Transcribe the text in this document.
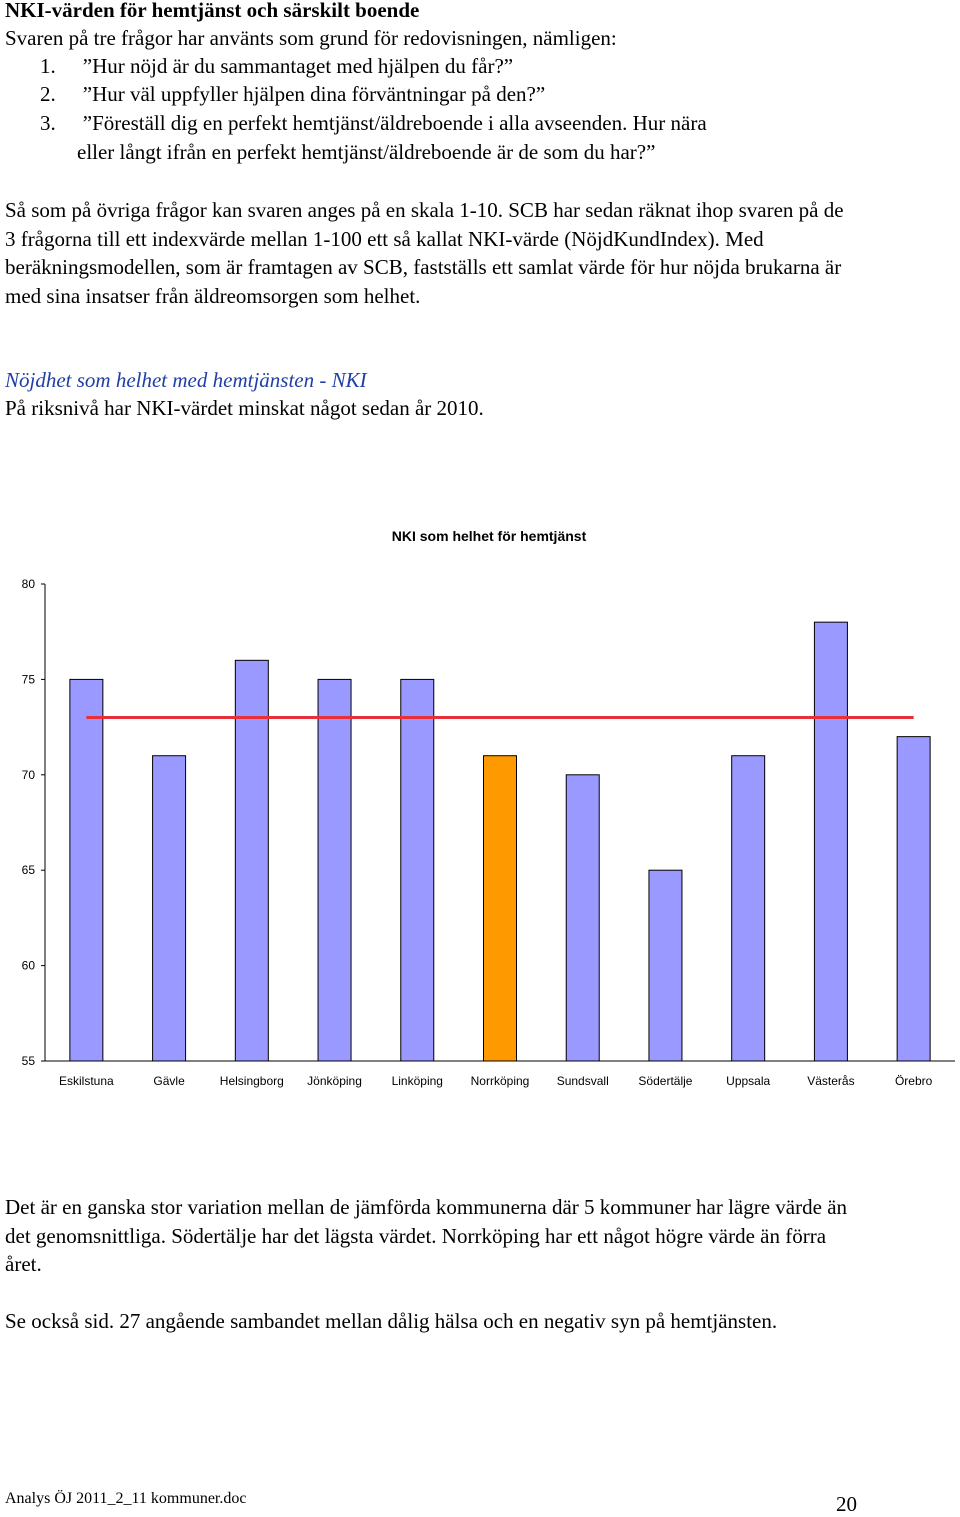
NKI-värden för hemtjänst och särskilt boende
Svaren på tre frågor har använts som grund för redovisningen, nämligen:
1. ”Hur nöjd är du sammantaget med hjälpen du får?”
2. ”Hur väl uppfyller hjälpen dina förväntningar på den?”
3. ”Föreställ dig en perfekt hemtjänst/äldreboende i alla avseenden. Hur nära
eller långt ifrån en perfekt hemtjänst/äldreboende är de som du har?”
Så som på övriga frågor kan svaren anges på en skala 1-10. SCB har sedan räknat ihop svaren på de 3 frågorna till ett indexvärde mellan 1-100 ett så kallat NKI-värde (NöjdKundIndex). Med beräkningsmodellen, som är framtagen av SCB, fastställs ett samlat värde för hur nöjda brukarna är med sina insatser från äldreomsorgen som helhet.
Nöjdhet som helhet med hemtjänsten - NKI
På riksnivå har NKI-värdet minskat något sedan år 2010.
NKI som helhet för hemtjänst
80
75
70
65
60
55
Eskilstuna	Gävle	Helsingborg Jönköping Linköping Norrköping Sundsvall Södertälje	Uppsala	Västerås	Örebro
Det är en ganska stor variation mellan de jämförda kommunerna där 5 kommuner har lägre värde än det genomsnittliga. Södertälje har det lägsta värdet. Norrköping har ett något högre värde än förra året.
Se också sid. 27 angående sambandet mellan dålig hälsa och en negativ syn på hemtjänsten.
Analys ÖJ 2011_2_11 kommuner.doc	20
